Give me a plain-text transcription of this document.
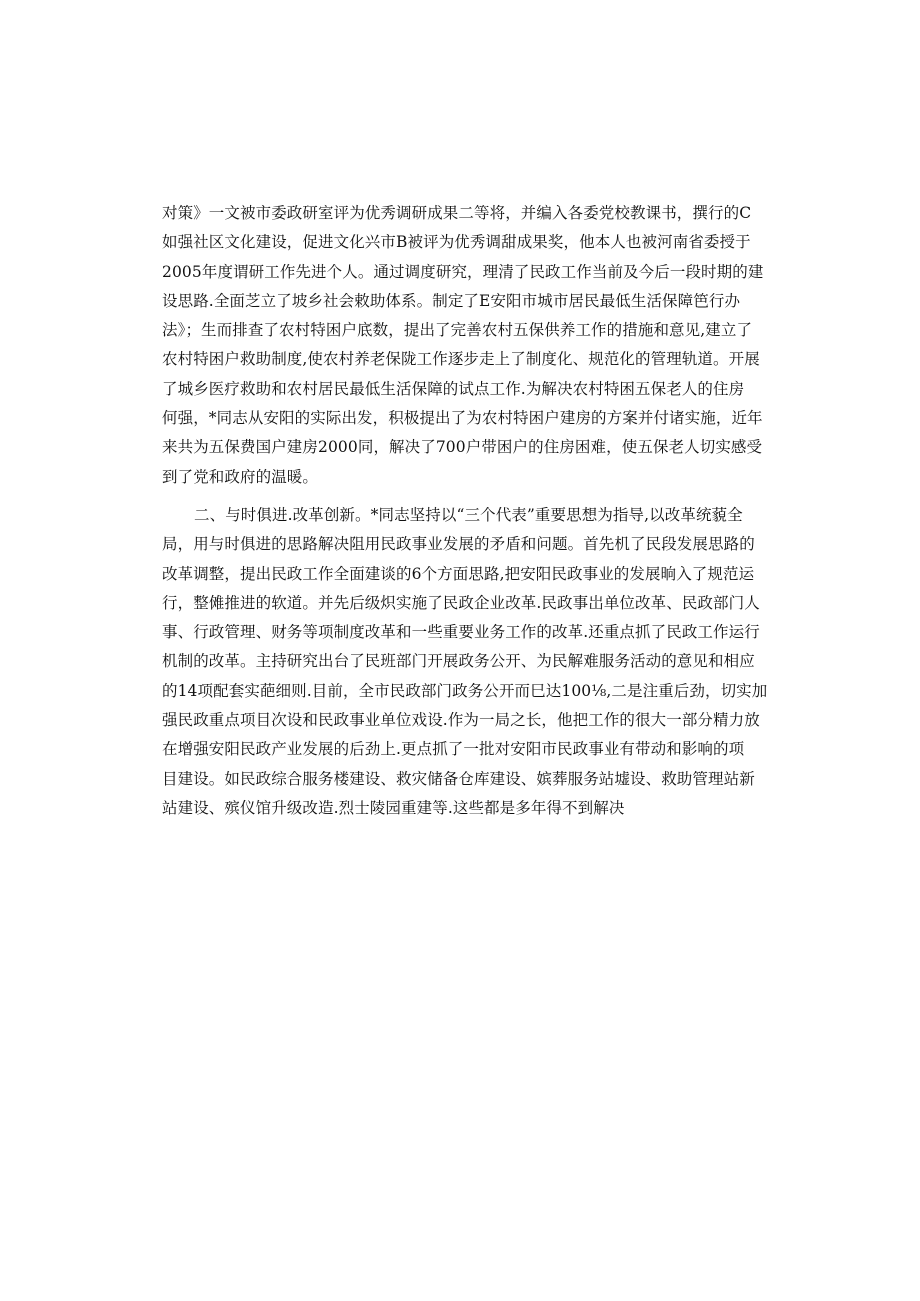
对策》一文被市委政研室评为优秀调研成果二等将，并编入各委党校教课书，撰行的C
如强社区文化建设，促进文化兴市B被评为优秀调甜成果奖，他本人也被河南省委授于
2005年度谓研工作先进个人。通过调度研究，理清了民政工作当前及今后一段时期的建
设思路.全面芝立了坡乡社会敕助体系。制定了E安阳市城市居民最低生活保障笆行办
法》；生而排查了农村特困户底数，提出了完善农村五保供养工作的措施和意见,建立了
农村特困户救助制度,使农村养老保陇工作逐步走上了制度化、规范化的管理轨道。开展
了城乡医疗救助和农村居民最低生活保障的试点工作.为解决农村特困五保老人的住房
何强，*同志从安阳的实际出发，积极提出了为农村特困户建房的方案并付诸实施，近年
来共为五保费国户建房2000同，解决了700户带困户的住房困难，使五保老人切实感受
到了党和政府的温暖。
二、与时俱进.改革创新。*同志坚持以“三个代表”重要思想为指导,以改革统藐全
局，用与时俱进的思路解决阻用民政事业发展的矛盾和问题。首先机了民段发展思路的
改革调整，提出民政工作全面建谈的6个方面思路,把安阳民政事业的发展晌入了规范运
行，整傩推进的软道。并先后级炽实施了民政企业改革.民政事岀单位改革、民政部门人
事、行政管理、财务等项制度改革和一些重要业务工作的改革.还重点抓了民政工作运行
机制的改革。主持研究出台了民班部门开展政务公开、为民解难服务活动的意见和相应
的14项配套实葩细则.目前，全市民政部门政务公开而巳达100⅛,二是注重后劲，切实加
强民政重点项目次设和民政事业单位戏设.作为一局之长，他把工作的很大一部分精力放
在增强安阳民政产业发展的后劲上.更点抓了一批对安阳市民政事业有带动和影响的项
目建设。如民政综合服务楼建设、救灾储备仓库建设、嫔葬服务站墟设、救助管理站新
站建设、殡仪馆升级改造.烈士陵园重建等.这些都是多年得不到解决
